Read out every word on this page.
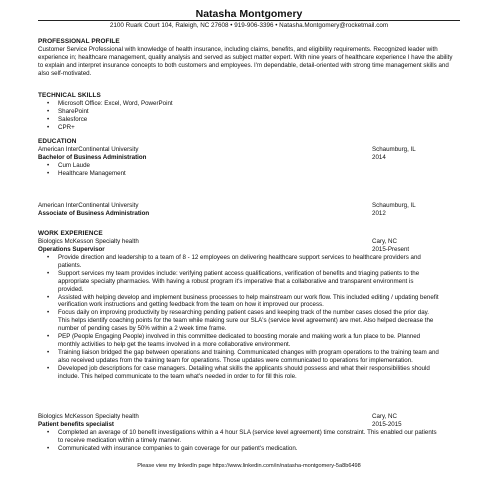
Natasha Montgomery
2100 Ruark Court 104, Raleigh, NC 27608 • 919-906-3396 • Natasha.Montgomery@rocketmail.com
PROFESSIONAL PROFILE

Customer Service Professional with knowledge of health insurance, including claims, benefits, and eligibility requirements. Recognized leader with experience in; healthcare management, quality analysis and served as subject matter expert. With nine years of healthcare experience I have the ability to explain and interpret insurance concepts to both customers and employees. I'm dependable, detail-oriented with strong time management skills and also self-motivated.

TECHNICAL SKILLS
• Microsoft Office: Excel, Word, PowerPoint
• SharePoint
• Salesforce
• CPR+
EDUCATION
American InterContinental University	Schaumburg, IL
Bachelor of Business Administration	2014
• Cum Laude
• Healthcare Management
American InterContinental University	Schaumburg, IL
Associate of Business Administration	2012
WORK EXPERIENCE
Biologics McKesson Specialty health	Cary, NC
Operations Supervisor	2015-Present
• Provide direction and leadership to a team of 8 - 12 employees on delivering healthcare support services to healthcare providers and patients.
• Support services my team provides include: verifying patient access qualifications, verification of benefits and triaging patients to the appropriate specialty pharmacies. With having a robust program it's imperative that a collaborative and transparent environment is provided.
• Assisted with helping develop and implement business processes to help mainstream our work flow. This included editing / updating benefit verification work instructions and getting feedback from the team on how it improved our process.
• Focus daily on improving productivity by researching pending patient cases and keeping track of the number cases closed the prior day. This helps identify coaching points for the team while making sure our SLA's (service level agreement) are met. Also helped decrease the number of pending cases by 50% within a 2 week time frame.
• PEP (People Engaging People) involved in this committee dedicated to boosting morale and making work a fun place to be. Planned monthly activities to help get the teams involved in a more collaborative environment.
• Training liaison bridged the gap between operations and training. Communicated changes with program operations to the training team and also received updates from the training team for operations. Those updates were communicated to operations for implementation.
• Developed job descriptions for case managers. Detailing what skills the applicants should possess and what their responsibilities should include. This helped communicate to the team what's needed in order to for fill this role.
Biologics McKesson Specialty health	Cary, NC
Patient benefits specialist	2015-2015
• Completed an average of 10 benefit investigations within a 4 hour SLA (service level agreement) time constraint. This enabled our patients to receive medication within a timely manner.
• Communicated with insurance companies to gain coverage for our patient's medication.
Please view my linkedIn page https://www.linkedin.com/in/natasha-montgomery-5a8b6498
